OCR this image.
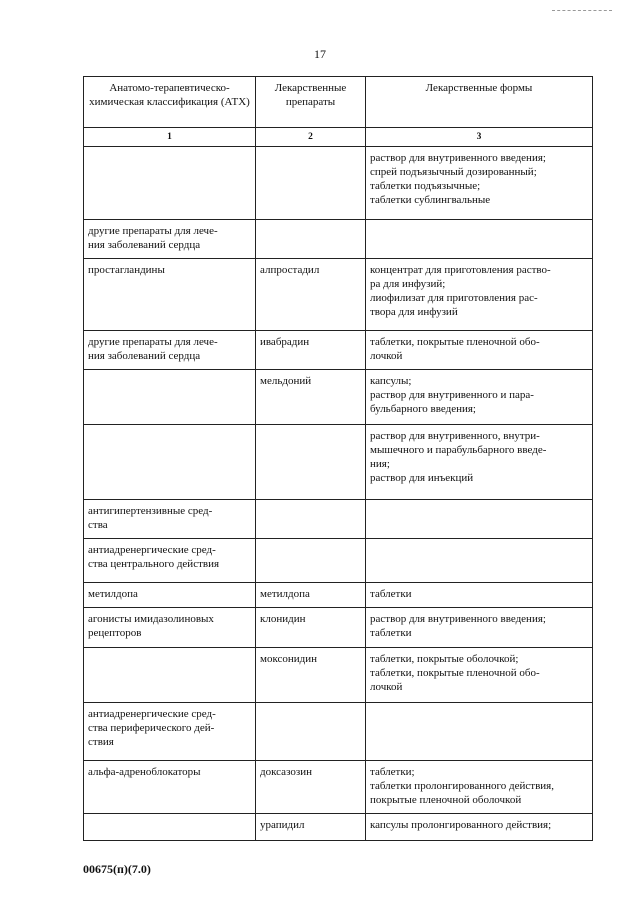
17
Анатомо-терапевтическо-химическая классификация (АТХ)	Лекарственные препараты	Лекарственные формы
1	2	3

		раствор для внутривенного введения;
спрей подъязычный дозированный;
таблетки подъязычные;
таблетки сублингвальные

другие препараты для лече-
ния заболеваний сердца		

простагландины	алпростадил	концентрат для приготовления раство-
ра для инфузий;
лиофилизат для приготовления рас-
твора для инфузий

другие препараты для лече-
ния заболеваний сердца	ивабрадин	таблетки, покрытые пленочной обо-
лочкой

	мельдоний	капсулы;
раствор для внутривенного и пара-
бульбарного введения;

		раствор для внутривенного, внутри-
мышечного и парабульбарного введе-
ния;
раствор для инъекций

антигипертензивные сред-
ства		

антиадренергические сред-
ства центрального действия		

метилдопа	метилдопа	таблетки

агонисты имидазолиновых
рецепторов	клонидин	раствор для внутривенного введения;
таблетки

	моксонидин	таблетки, покрытые оболочкой;
таблетки, покрытые пленочной обо-
лочкой

антиадренергические сред-
ства периферического дей-
ствия		

альфа-адреноблокаторы	доксазозин	таблетки;
таблетки пролонгированного действия,
покрытые пленочной оболочкой

	урапидил	капсулы пролонгированного действия;
00675(п)(7.0)
